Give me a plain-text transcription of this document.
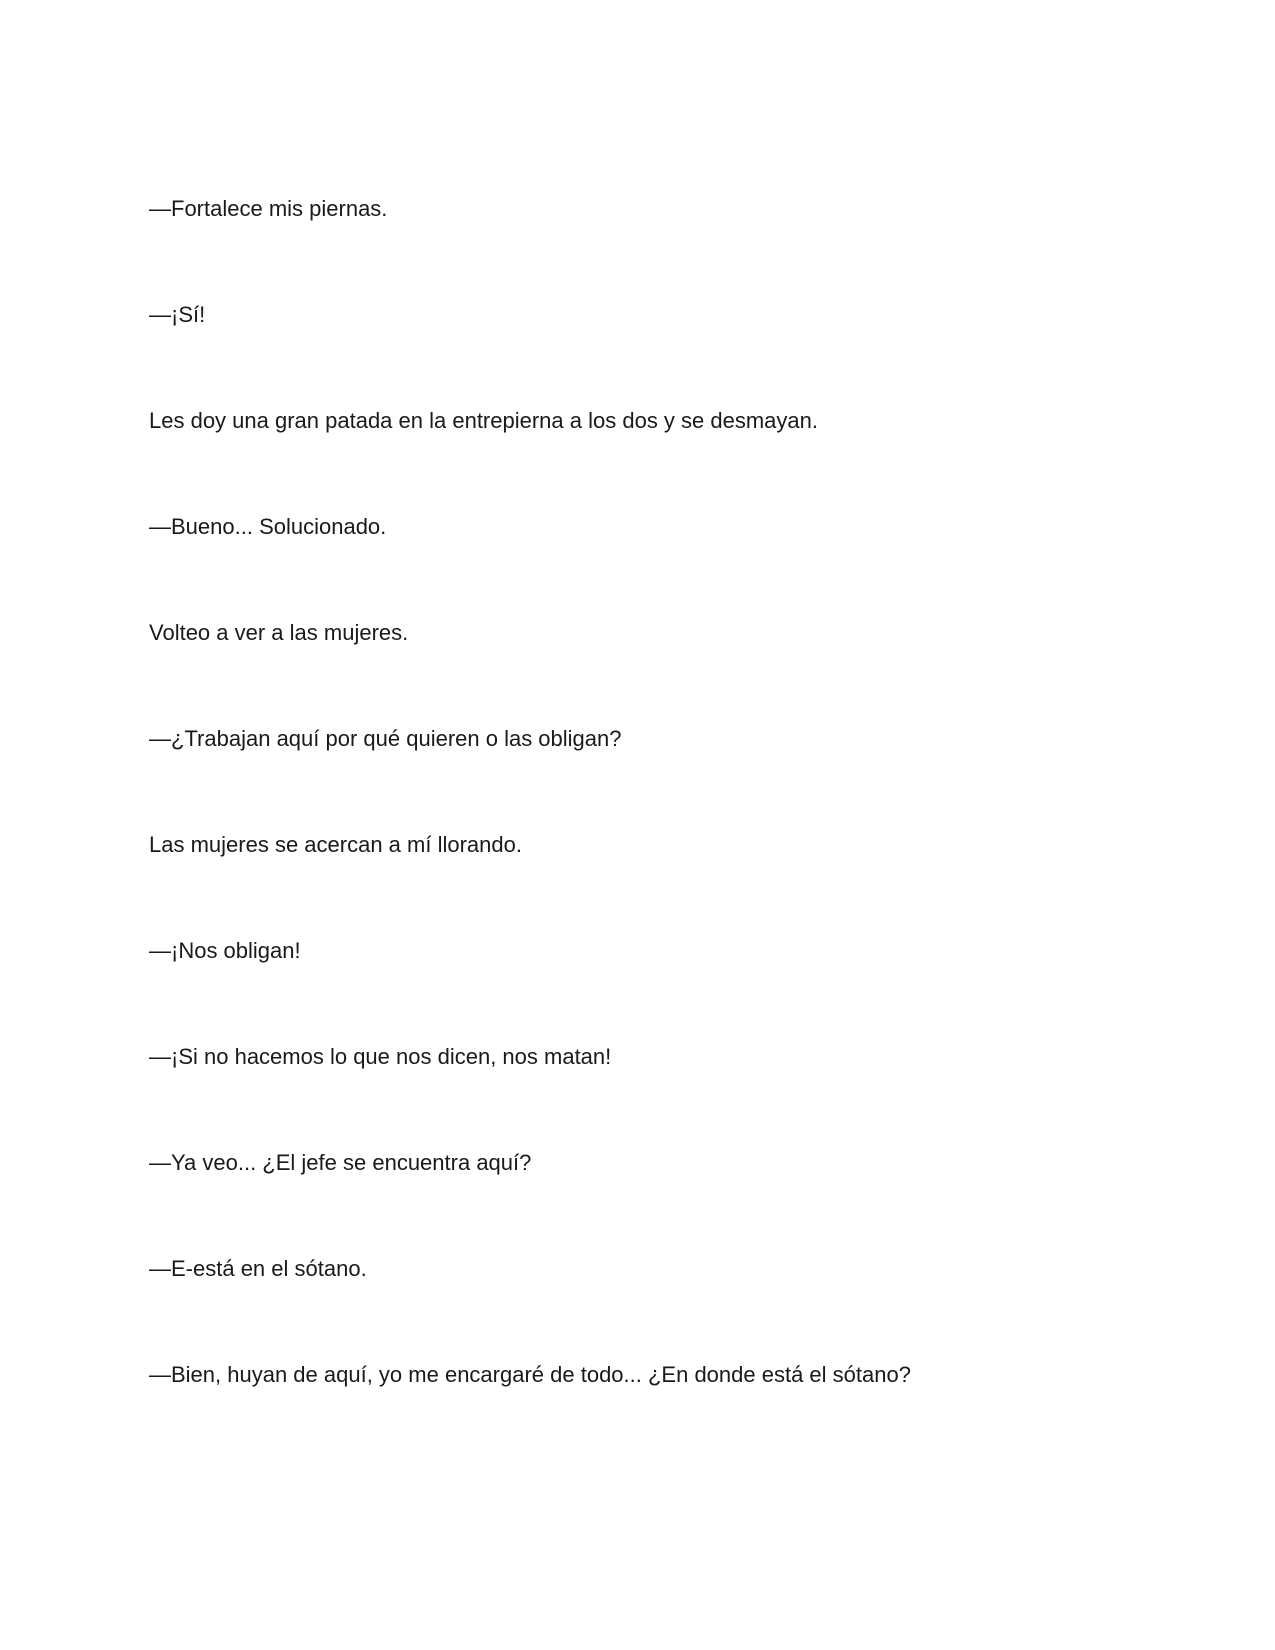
—Fortalece mis piernas.
—¡Sí!
Les doy una gran patada en la entrepierna a los dos y se desmayan.
—Bueno... Solucionado.
Volteo a ver a las mujeres.
—¿Trabajan aquí por qué quieren o las obligan?
Las mujeres se acercan a mí llorando.
—¡Nos obligan!
—¡Si no hacemos lo que nos dicen, nos matan!
—Ya veo... ¿El jefe se encuentra aquí?
—E-está en el sótano.
—Bien, huyan de aquí, yo me encargaré de todo... ¿En donde está el sótano?
